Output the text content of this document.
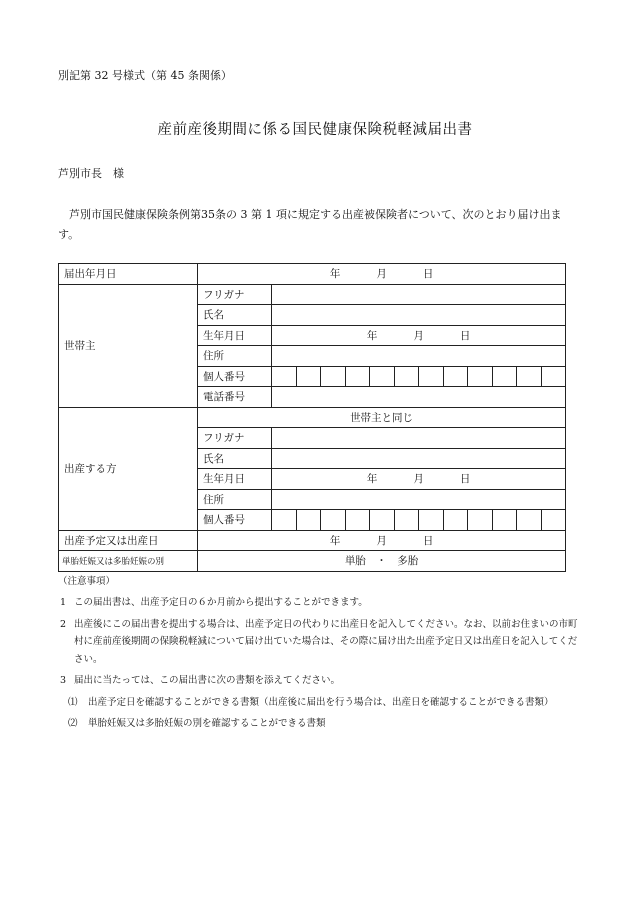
別記第 32 号様式（第 45 条関係）
産前産後期間に係る国民健康保険税軽減届出書
芦別市長　様
芦別市国民健康保険条例第35条の 3 第 1 項に規定する出産被保険者について、次のとおり届け出ます。
届出年月日	年 月 日												
世帯主	フリガナ												
	氏名												
	生年月日	年 月 日											
	住所												
	個人番号												
	電話番号												
出産する方	世帯主と同じ												
	フリガナ												
	氏名												
	生年月日	年 月 日											
	住所												
	個人番号												
出産予定又は出産日	年 月 日												
単胎妊娠又は多胎妊娠の別	単胎　・　多胎												
（注意事項）
1 この届出書は、出産予定日の６か月前から提出することができます。
2 出産後にこの届出書を提出する場合は、出産予定日の代わりに出産日を記入してください。なお、以前お住まいの市町村に産前産後期間の保険税軽減について届け出ていた場合は、その際に届け出た出産予定日又は出産日を記入してください。
3 届出に当たっては、この届出書に次の書類を添えてください。
⑴ 出産予定日を確認することができる書類（出産後に届出を行う場合は、出産日を確認することができる書類）
⑵ 単胎妊娠又は多胎妊娠の別を確認することができる書類
